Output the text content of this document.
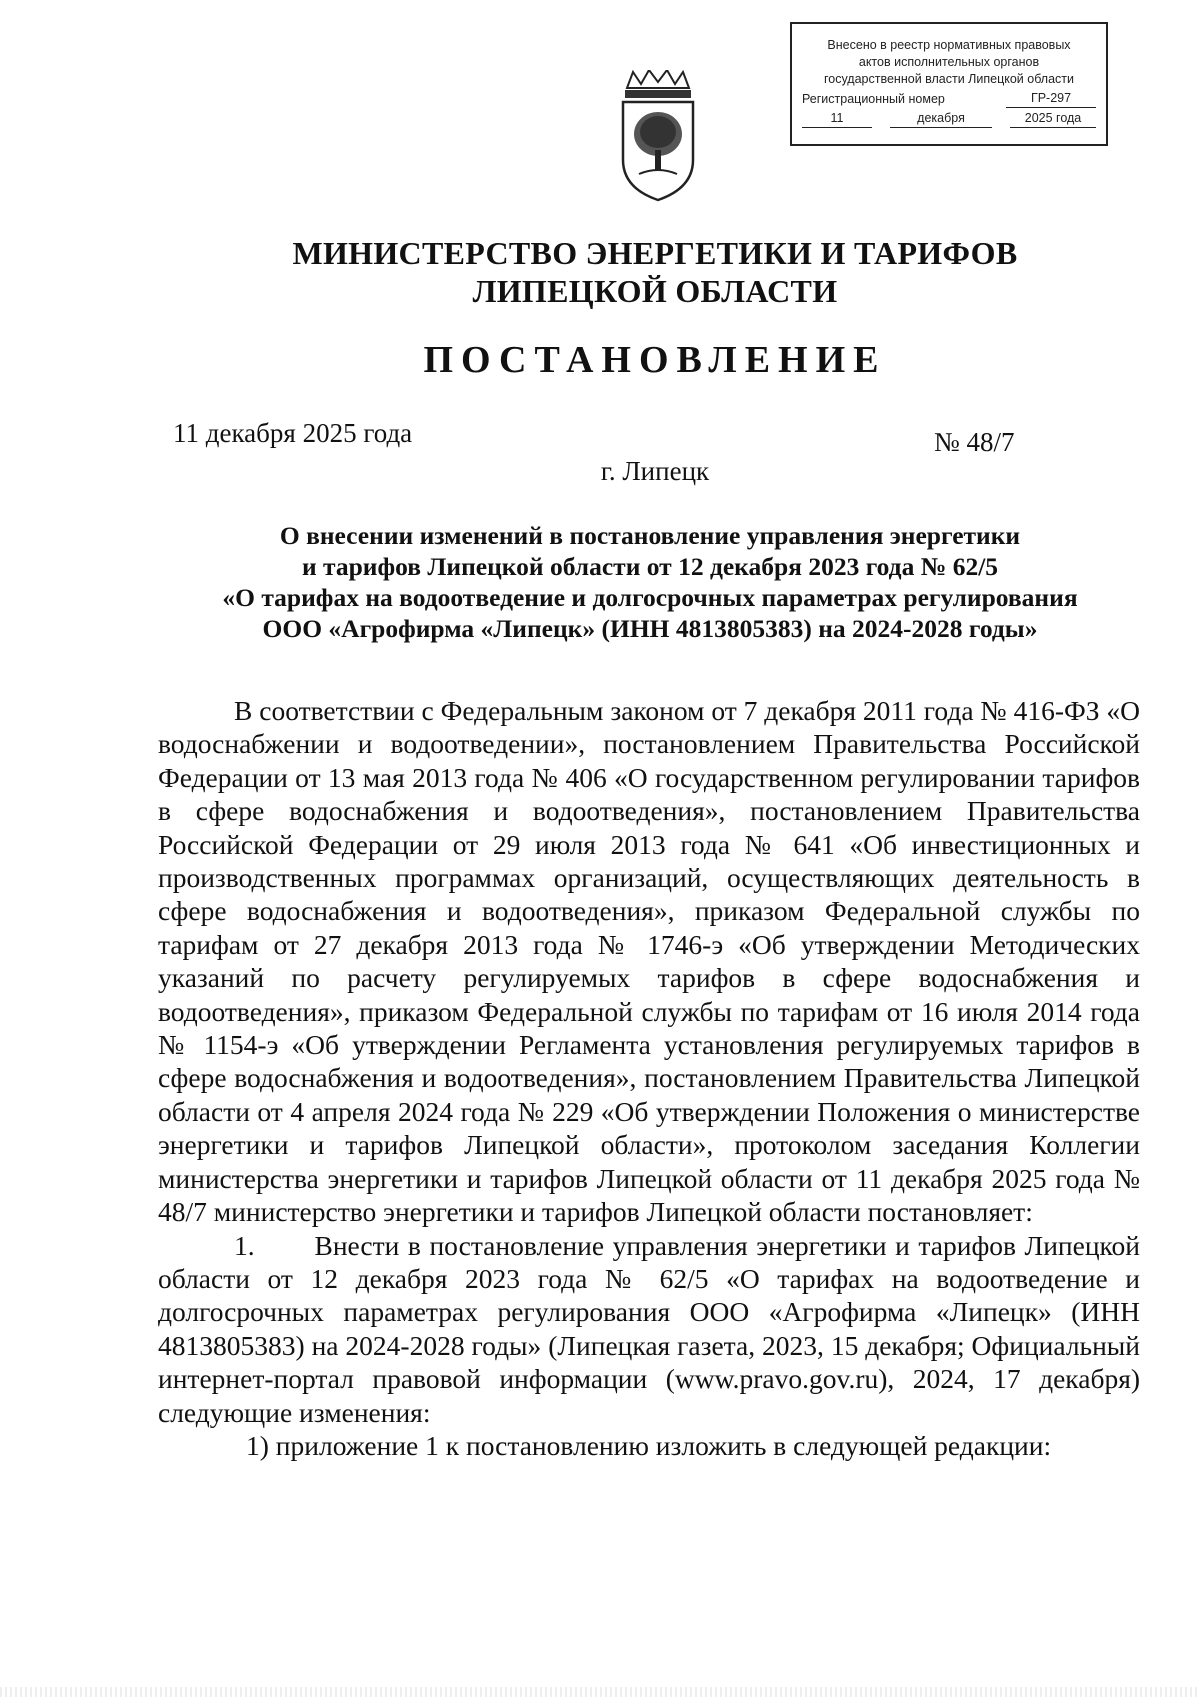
Внесено в реестр нормативных правовых
актов исполнительных органов
государственной власти Липецкой области
Регистрационный номер	ГР-297
11	декабря	2025 года
МИНИСТЕРСТВО ЭНЕРГЕТИКИ И ТАРИФОВ
ЛИПЕЦКОЙ ОБЛАСТИ
ПОСТАНОВЛЕНИЕ
11 декабря 2025 года	№ 48/7
г. Липецк
О внесении изменений в постановление управления энергетики
и тарифов Липецкой области от 12 декабря 2023 года № 62/5
«О тарифах на водоотведение и долгосрочных параметрах регулирования
ООО «Агрофирма «Липецк» (ИНН 4813805383) на 2024-2028 годы»

В соответствии с Федеральным законом от 7 декабря 2011 года № 416-ФЗ «О водоснабжении и водоотведении», постановлением Правительства Российской Федерации от 13 мая 2013 года № 406 «О государственном регулировании тарифов в сфере водоснабжения и водоотведения», постановлением Правительства Российской Федерации от 29 июля 2013 года № 641 «Об инвестиционных и производственных программах организаций, осуществляющих деятельность в сфере водоснабжения и водоотведения», приказом Федеральной службы по тарифам от 27 декабря 2013 года № 1746-э «Об утверждении Методических указаний по расчету регулируемых тарифов в сфере водоснабжения и водоотведения», приказом Федеральной службы по тарифам от 16 июля 2014 года № 1154-э «Об утверждении Регламента установления регулируемых тарифов в сфере водоснабжения и водоотведения», постановлением Правительства Липецкой области от 4 апреля 2024 года № 229 «Об утверждении Положения о министерстве энергетики и тарифов Липецкой области», протоколом заседания Коллегии министерства энергетики и тарифов Липецкой области от 11 декабря 2025 года № 48/7 министерство энергетики и тарифов Липецкой области постановляет:

1. Внести в постановление управления энергетики и тарифов Липецкой области от 12 декабря 2023 года № 62/5 «О тарифах на водоотведение и долгосрочных параметрах регулирования ООО «Агрофирма «Липецк» (ИНН 4813805383) на 2024-2028 годы» (Липецкая газета, 2023, 15 декабря; Официальный интернет-портал правовой информации (www.pravo.gov.ru), 2024, 17 декабря) следующие изменения:

1) приложение 1 к постановлению изложить в следующей редакции:
